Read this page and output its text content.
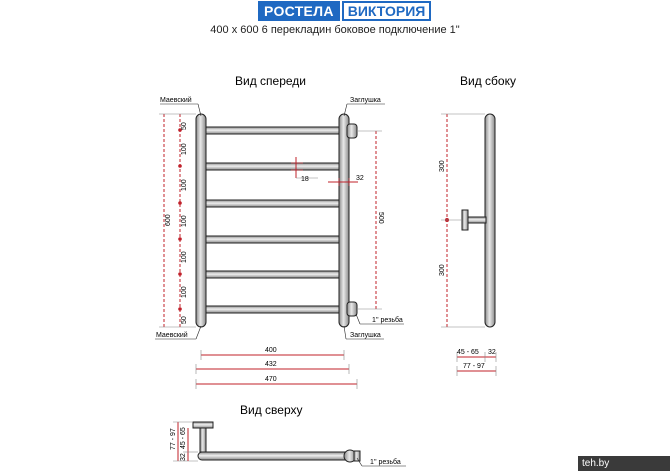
РОСТЕЛА	ВИКТОРИЯ
400 x 600 6 перекладин боковое подключение 1"
Вид спереди	Вид сбоку
Вид сверху
50
100
100
100
100
100
50
600
Маевский
Маевский
Заглушка
Заглушка
1'' резьба
500
18	32
400
432
470
300
300
45 - 65 32
77 - 97
77 - 97
32
45 - 65
1'' резьба	teh.by
